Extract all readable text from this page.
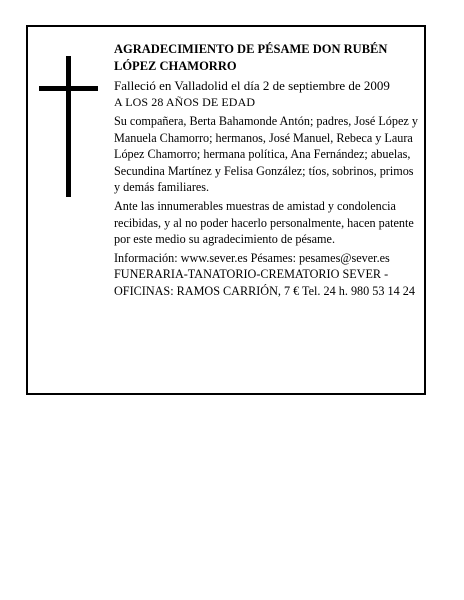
AGRADECIMIENTO DE PÉSAME DON RUBÉN LÓPEZ CHAMORRO

Falleció en Valladolid el día 2 de septiembre de 2009

A LOS 28 AÑOS DE EDAD

Su compañera, Berta Bahamonde Antón; padres, José López y Manuela Chamorro; hermanos, José Manuel, Rebeca y Laura López Chamorro; hermana política, Ana Fernández; abuelas, Secundina Martínez y Felisa González; tíos, sobrinos, primos y demás familiares.

Ante las innumerables muestras de amistad y condolencia recibidas, y al no poder hacerlo personalmente, hacen patente por este medio su agradecimiento de pésame.

Información: www.sever.es Pésames: pesames@sever.es

FUNERARIA-TANATORIO-CREMATORIO SEVER - OFICINAS: RAMOS CARRIÓN, 7 € Tel. 24 h. 980 53 14 24
